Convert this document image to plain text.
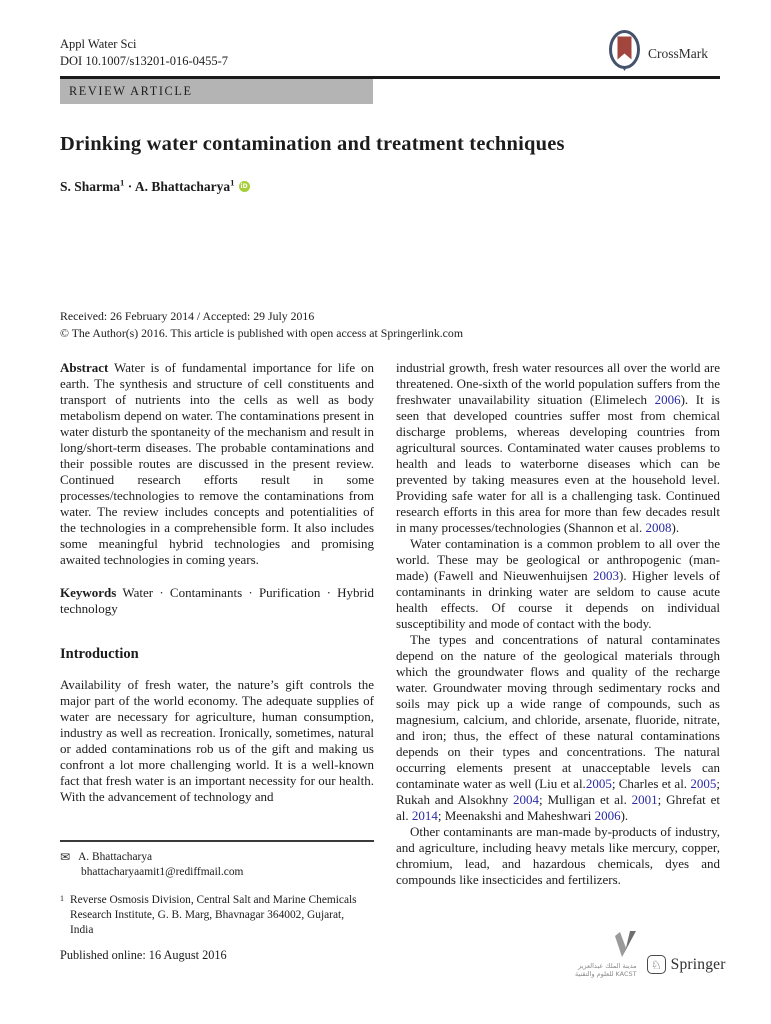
Appl Water Sci
DOI 10.1007/s13201-016-0455-7
CrossMark
REVIEW ARTICLE
Drinking water contamination and treatment techniques
S. Sharma$^1$ · A. Bhattacharya$^1$ iD
Received: 26 February 2014 / Accepted: 29 July 2016
© The Author(s) 2016. This article is published with open access at Springerlink.com

Abstract Water is of fundamental importance for life on earth. The synthesis and structure of cell constituents and transport of nutrients into the cells as well as body metabolism depend on water. The contaminations present in water disturb the spontaneity of the mechanism and result in long/short-term diseases. The probable contaminations and their possible routes are discussed in the present review. Continued research efforts result in some processes/technologies to remove the contaminations from water. The review includes concepts and potentialities of the technologies in a comprehensible form. It also includes some meaningful hybrid technologies and promising awaited technologies in coming years.

Keywords Water · Contaminants · Purification · Hybrid technology

Introduction

Availability of fresh water, the nature’s gift controls the major part of the world economy. The adequate supplies of water are necessary for agriculture, human consumption, industry as well as recreation. Ironically, sometimes, natural or added contaminations rob us of the gift and making us confront a lot more challenging world. It is a well-known fact that fresh water is an important necessity for our health. With the advancement of technology and

industrial growth, fresh water resources all over the world are threatened. One-sixth of the world population suffers from the freshwater unavailability situation (Elimelech 2006). It is seen that developed countries suffer most from chemical discharge problems, whereas developing countries from agricultural sources. Contaminated water causes problems to health and leads to waterborne diseases which can be prevented by taking measures even at the household level. Providing safe water for all is a challenging task. Continued research efforts in this area for more than few decades result in many processes/technologies (Shannon et al. 2008).

Water contamination is a common problem to all over the world. These may be geological or anthropogenic (man-made) (Fawell and Nieuwenhuijsen 2003). Higher levels of contaminants in drinking water are seldom to cause acute health effects. Of course it depends on individual susceptibility and mode of contact with the body.

The types and concentrations of natural contaminates depend on the nature of the geological materials through which the groundwater flows and quality of the recharge water. Groundwater moving through sedimentary rocks and soils may pick up a wide range of compounds, such as magnesium, calcium, and chloride, arsenate, fluoride, nitrate, and iron; thus, the effect of these natural contaminations depends on their types and concentrations. The natural occurring elements present at unacceptable levels can contaminate water as well (Liu et al.2005; Charles et al. 2005; Rukah and Alsokhny 2004; Mulligan et al. 2001; Ghrefat et al. 2014; Meenakshi and Maheshwari 2006).

Other contaminants are man-made by-products of industry, and agriculture, including heavy metals like mercury, copper, chromium, lead, and hazardous chemicals, dyes and compounds like insecticides and fertilizers.

✉ A. Bhattacharya
bhattacharyaamit1@rediffmail.com
1 Reverse Osmosis Division, Central Salt and Marine Chemicals Research Institute, G. B. Marg, Bhavnagar 364002, Gujarat, India
Published online: 16 August 2016
مدينة الملك عبدالعزيز
للعلوم والتقنية KACST
♘ Springer
